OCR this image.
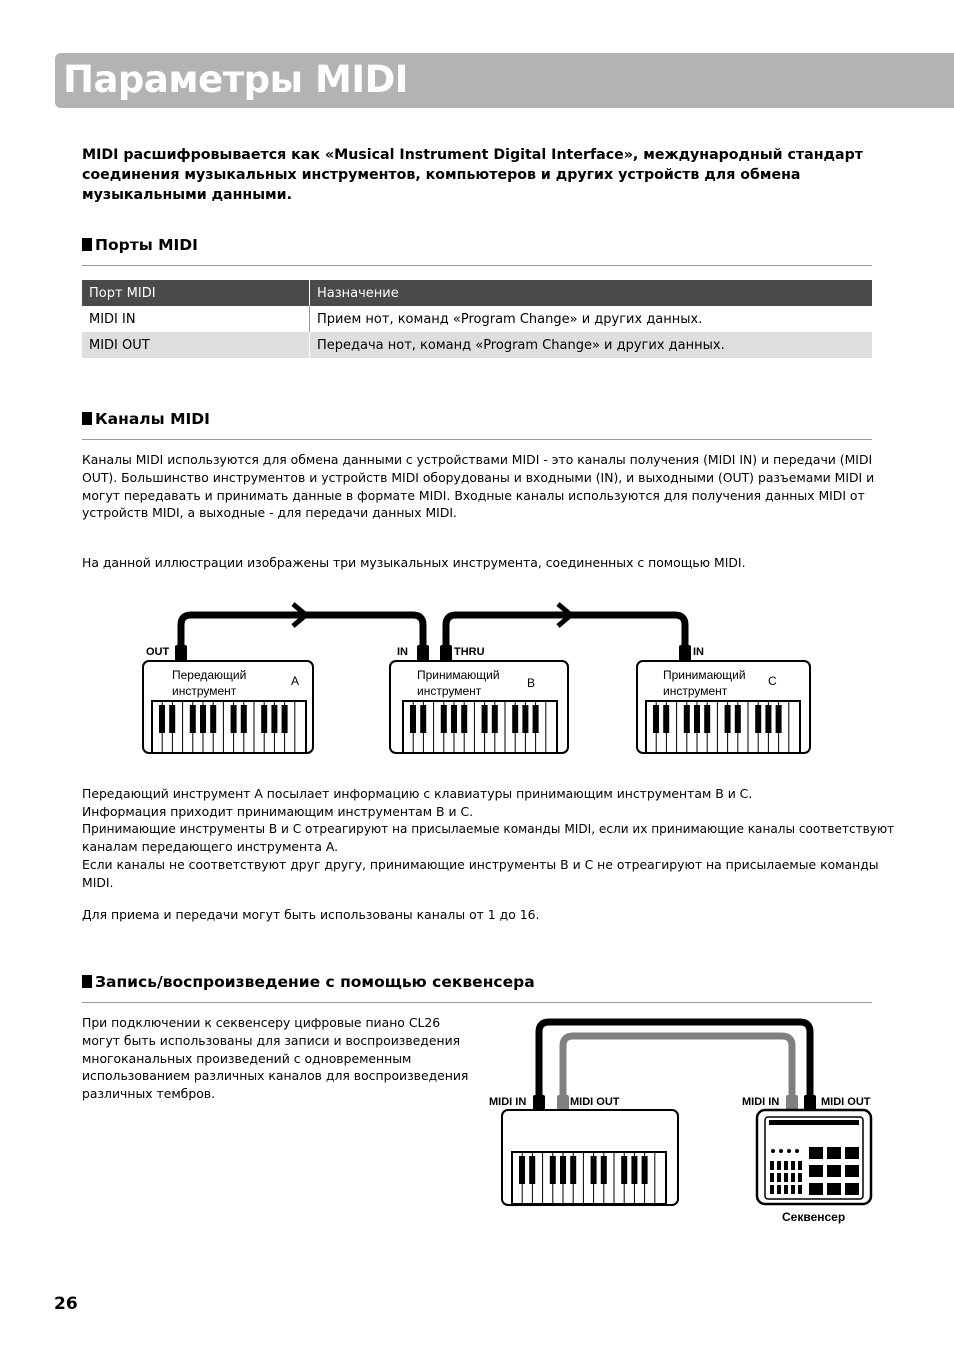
Параметры MIDI
MIDI расшифровывается как «Musical Instrument Digital Interface», международный стандарт соединения музыкальных инструментов, компьютеров и других устройств для обмена музыкальными данными.
Порты MIDI
Порт MIDI	Назначение
MIDI IN	Прием нот, команд «Program Change» и других данных.
MIDI OUT	Передача нот, команд «Program Change» и других данных.
Каналы MIDI
Каналы MIDI используются для обмена данными с устройствами MIDI - это каналы получения (MIDI IN) и передачи (MIDI OUT). Большинство инструментов и устройств MIDI оборудованы и входными (IN), и выходными (OUT) разъемами MIDI и могут передавать и принимать данные в формате MIDI. Входные каналы используются для получения данных MIDI от устройств MIDI, а выходные - для передачи данных MIDI.
На данной иллюстрации изображены три музыкальных инструмента, соединенных с помощью MIDI.
OUT	IN	THRU	IN
Передающий
инструмент
A	Принимающий
инструмент
B
Принимающий
инструмент
C
Передающий инструмент A посылает информацию с клавиатуры принимающим инструментам B и C.
Информация приходит принимающим инструментам B и C.
Принимающие инструменты B и C отреагируют на присылаемые команды MIDI, если их принимающие каналы соответствуют
каналам передающего инструмента A.
Если каналы не соответствуют друг другу, принимающие инструменты B и C не отреагируют на присылаемые команды MIDI.
Для приема и передачи могут быть использованы каналы от 1 до 16.
Запись/воспроизведение с помощью секвенсера
При подключении к секвенсеру цифровые пиано CL26 могут быть использованы для записи и воспроизведения многоканальных произведений с одновременным использованием различных каналов для воспроизведения различных тембров.
MIDI IN	MIDI OUT	MIDI IN	MIDI OUT
Секвенсер
26
